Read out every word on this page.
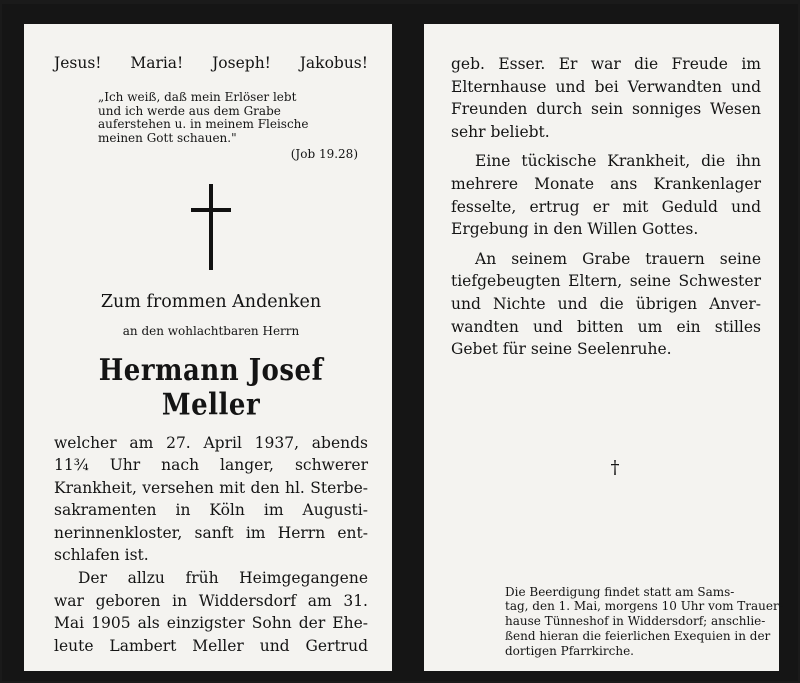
Jesus! Maria! Joseph! Jakobus!
„Ich weiß, daß mein Erlöser lebt
und ich werde aus dem Grabe
auferstehen u. in meinem Fleische
meinen Gott schauen."
(Job 19.28)
Zum frommen Andenken
an den wohlachtbaren Herrn
Hermann Josef Meller

welcher am 27. April 1937, abends

11¾ Uhr nach langer, schwerer

Krankheit, versehen mit den hl. Sterbe-

sakramenten in Köln im Augusti-

nerinnenkloster, sanft im Herrn ent-

schlafen ist.

Der allzu früh Heimgegangene

war geboren in Widdersdorf am 31.

Mai 1905 als einzigster Sohn der Ehe-

leute Lambert Meller und Gertrud

geb. Esser. Er war die Freude im

Elternhause und bei Verwandten und

Freunden durch sein sonniges Wesen

sehr beliebt.

Eine tückische Krankheit, die ihn

mehrere Monate ans Krankenlager

fesselte, ertrug er mit Geduld und

Ergebung in den Willen Gottes.

An seinem Grabe trauern seine

tiefgebeugten Eltern, seine Schwester

und Nichte und die übrigen Anver-

wandten und bitten um ein stilles

Gebet für seine Seelenruhe.

†
Die Beerdigung findet statt am Sams-
tag, den 1. Mai, morgens 10 Uhr vom Trauer-
hause Tünneshof in Widdersdorf; anschlie-
ßend hieran die feierlichen Exequien in der
dortigen Pfarrkirche.
